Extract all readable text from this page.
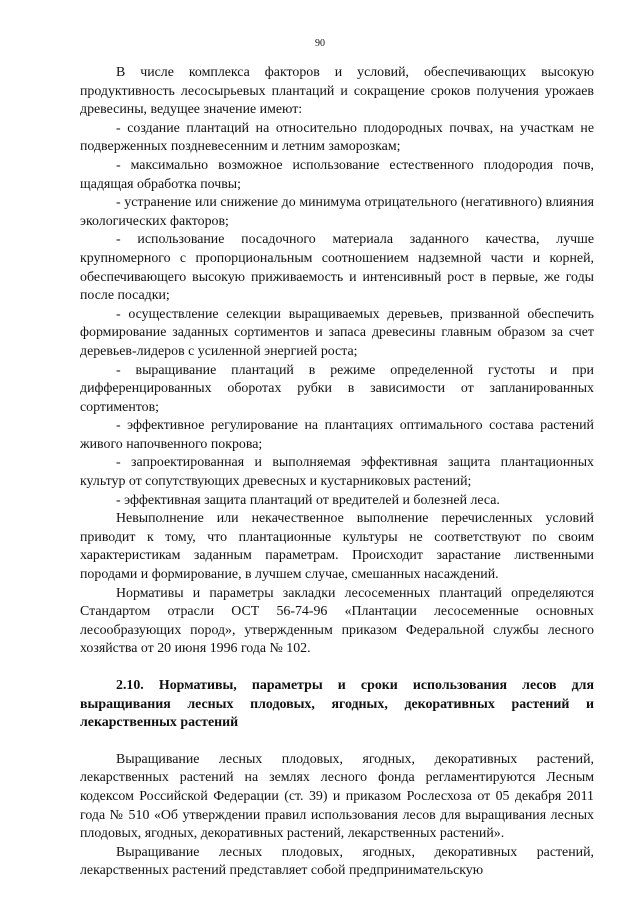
90

В числе комплекса факторов и условий, обеспечивающих высокую продуктивность лесосырьевых плантаций и сокращение сроков получения урожаев древесины, ведущее значение имеют:

- создание плантаций на относительно плодородных почвах, на участкам не подверженных поздневесенним и летним заморозкам;

- максимально возможное использование естественного плодородия почв, щадящая обработка почвы;

- устранение или снижение до минимума отрицательного (негативного) влияния экологических факторов;

- использование посадочного материала заданного качества, лучше крупномерного с пропорциональным соотношением надземной части и корней, обеспечивающего высокую приживаемость и интенсивный рост в первые, же годы после посадки;

- осуществление селекции выращиваемых деревьев, призванной обеспечить формирование заданных сортиментов и запаса древесины главным образом за счет деревьев-лидеров с усиленной энергией роста;

- выращивание плантаций в режиме определенной густоты и при дифференцированных оборотах рубки в зависимости от запланированных сортиментов;

- эффективное регулирование на плантациях оптимального состава растений живого напочвенного покрова;

- запроектированная и выполняемая эффективная защита плантационных культур от сопутствующих древесных и кустарниковых растений;

- эффективная защита плантаций от вредителей и болезней леса.

Невыполнение или некачественное выполнение перечисленных условий приводит к тому, что плантационные культуры не соответствуют по своим характеристикам заданным параметрам. Происходит зарастание лиственными породами и формирование, в лучшем случае, смешанных насаждений.

Нормативы и параметры закладки лесосеменных плантаций определяются Стандартом отрасли ОСТ 56-74-96 «Плантации лесосеменные основных лесообразующих пород», утвержденным приказом Федеральной службы лесного хозяйства от 20 июня 1996 года № 102.

2.10. Нормативы, параметры и сроки использования лесов для выращивания лесных плодовых, ягодных, декоративных растений и лекарственных растений

Выращивание лесных плодовых, ягодных, декоративных растений, лекарственных растений на землях лесного фонда регламентируются Лесным кодексом Российской Федерации (ст. 39) и приказом Рослесхоза от 05 декабря 2011 года № 510 «Об утверждении правил использования лесов для выращивания лесных плодовых, ягодных, декоративных растений, лекарственных растений».

Выращивание лесных плодовых, ягодных, декоративных растений, лекарственных растений представляет собой предпринимательскую
